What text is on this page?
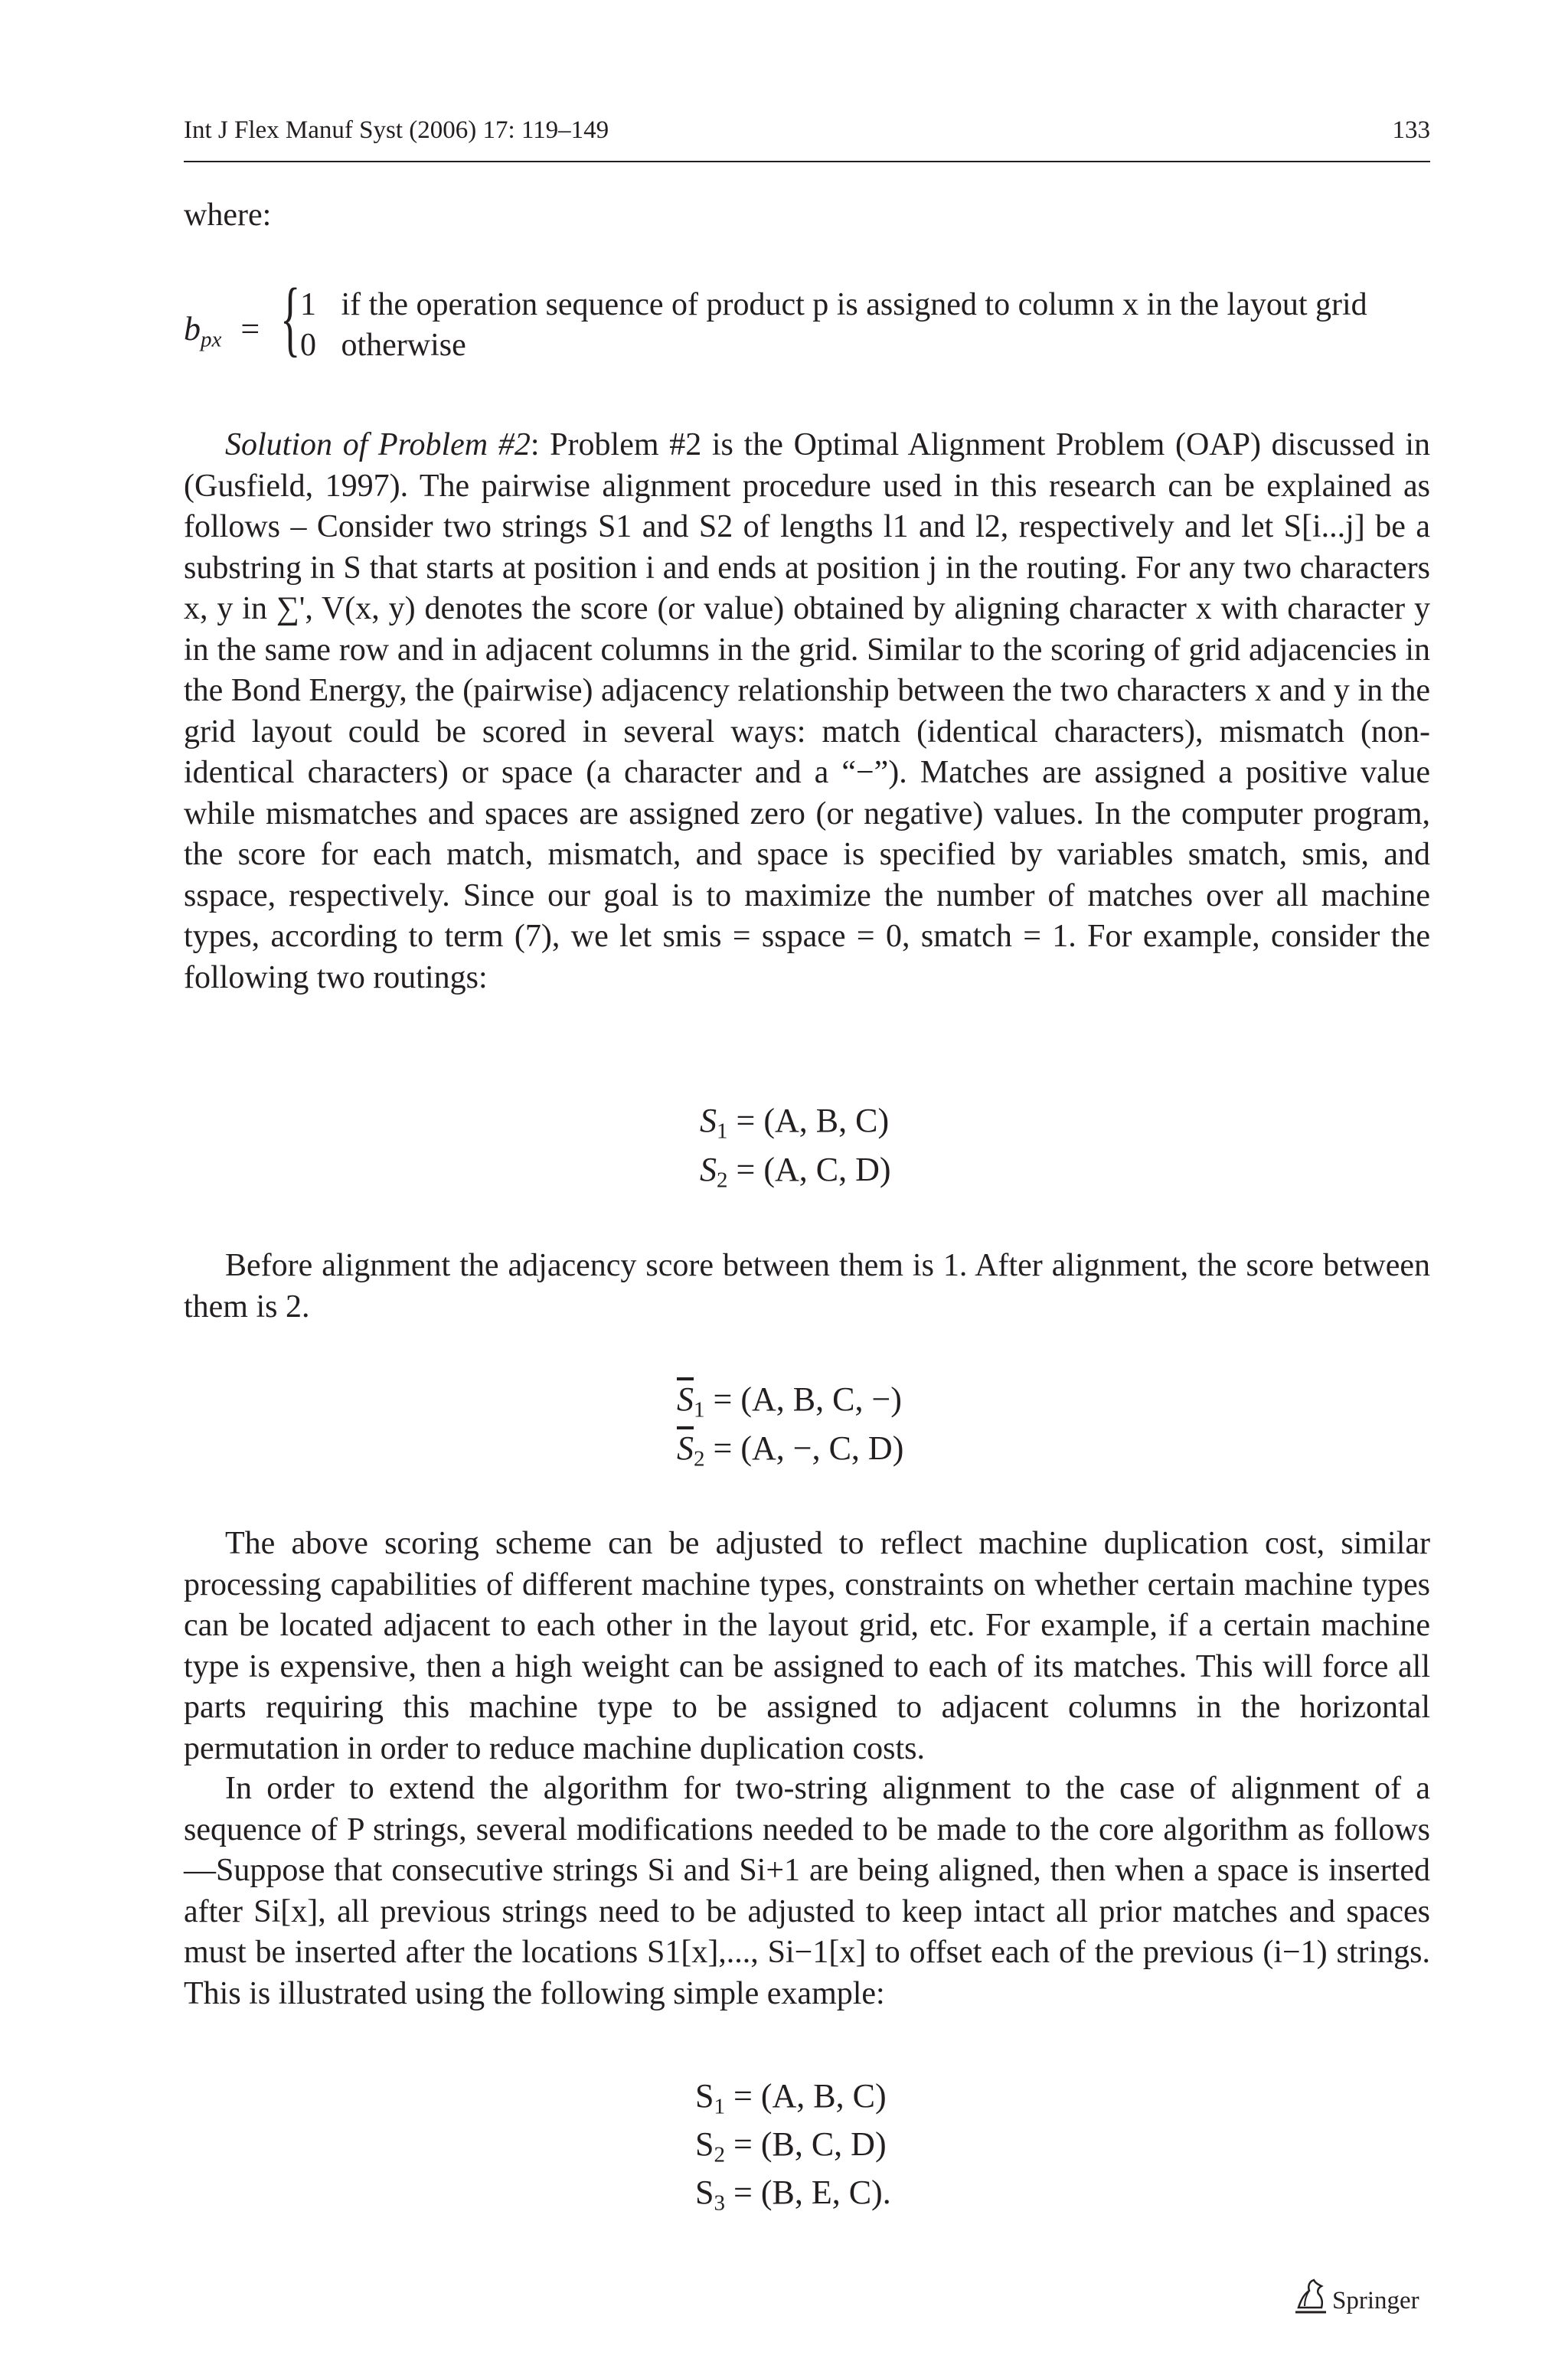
Int J Flex Manuf Syst (2006) 17: 119–149	133
where:
$b_{px}$ = { 1 if the operation sequence of product p is assigned to column x in the layout grid
0 otherwise
Solution of Problem #2: Problem #2 is the Optimal Alignment Problem (OAP) discussed in (Gusfield, 1997). The pairwise alignment procedure used in this research can be explained as follows – Consider two strings S1 and S2 of lengths l1 and l2, respectively and let S[i...j] be a substring in S that starts at position i and ends at position j in the routing. For any two characters x, y in ∑', V(x, y) denotes the score (or value) obtained by aligning character x with character y in the same row and in adjacent columns in the grid. Similar to the scoring of grid adjacencies in the Bond Energy, the (pairwise) adjacency relationship between the two characters x and y in the grid layout could be scored in several ways: match (identical characters), mismatch (non-identical characters) or space (a character and a “−”). Matches are assigned a positive value while mismatches and spaces are assigned zero (or negative) values. In the computer program, the score for each match, mismatch, and space is specified by variables smatch, smis, and sspace, respectively. Since our goal is to maximize the number of matches over all machine types, according to term (7), we let smis = sspace = 0, smatch = 1. For example, consider the following two routings:
$S_1 = (A$, B, C)
$S_2 = (A$, C, D)
Before alignment the adjacency score between them is 1. After alignment, the score between them is 2.
$\overline{S}_1 = (A$, B, C, −)
$\overline{S}_2 = (A$, −, C, D)
The above scoring scheme can be adjusted to reflect machine duplication cost, similar processing capabilities of different machine types, constraints on whether certain machine types can be located adjacent to each other in the layout grid, etc. For example, if a certain machine type is expensive, then a high weight can be assigned to each of its matches. This will force all parts requiring this machine type to be assigned to adjacent columns in the horizontal permutation in order to reduce machine duplication costs.
In order to extend the algorithm for two-string alignment to the case of alignment of a sequence of P strings, several modifications needed to be made to the core algorithm as follows—Suppose that consecutive strings Si and Si+1 are being aligned, then when a space is inserted after Si[x], all previous strings need to be adjusted to keep intact all prior matches and spaces must be inserted after the locations S1[x],..., Si−1[x] to offset each of the previous (i−1) strings. This is illustrated using the following simple example:
$S_1 = (A$, B, C)
$S_2 = (B$, C, D)
$S_3 = (B$, E, C).
Springer
